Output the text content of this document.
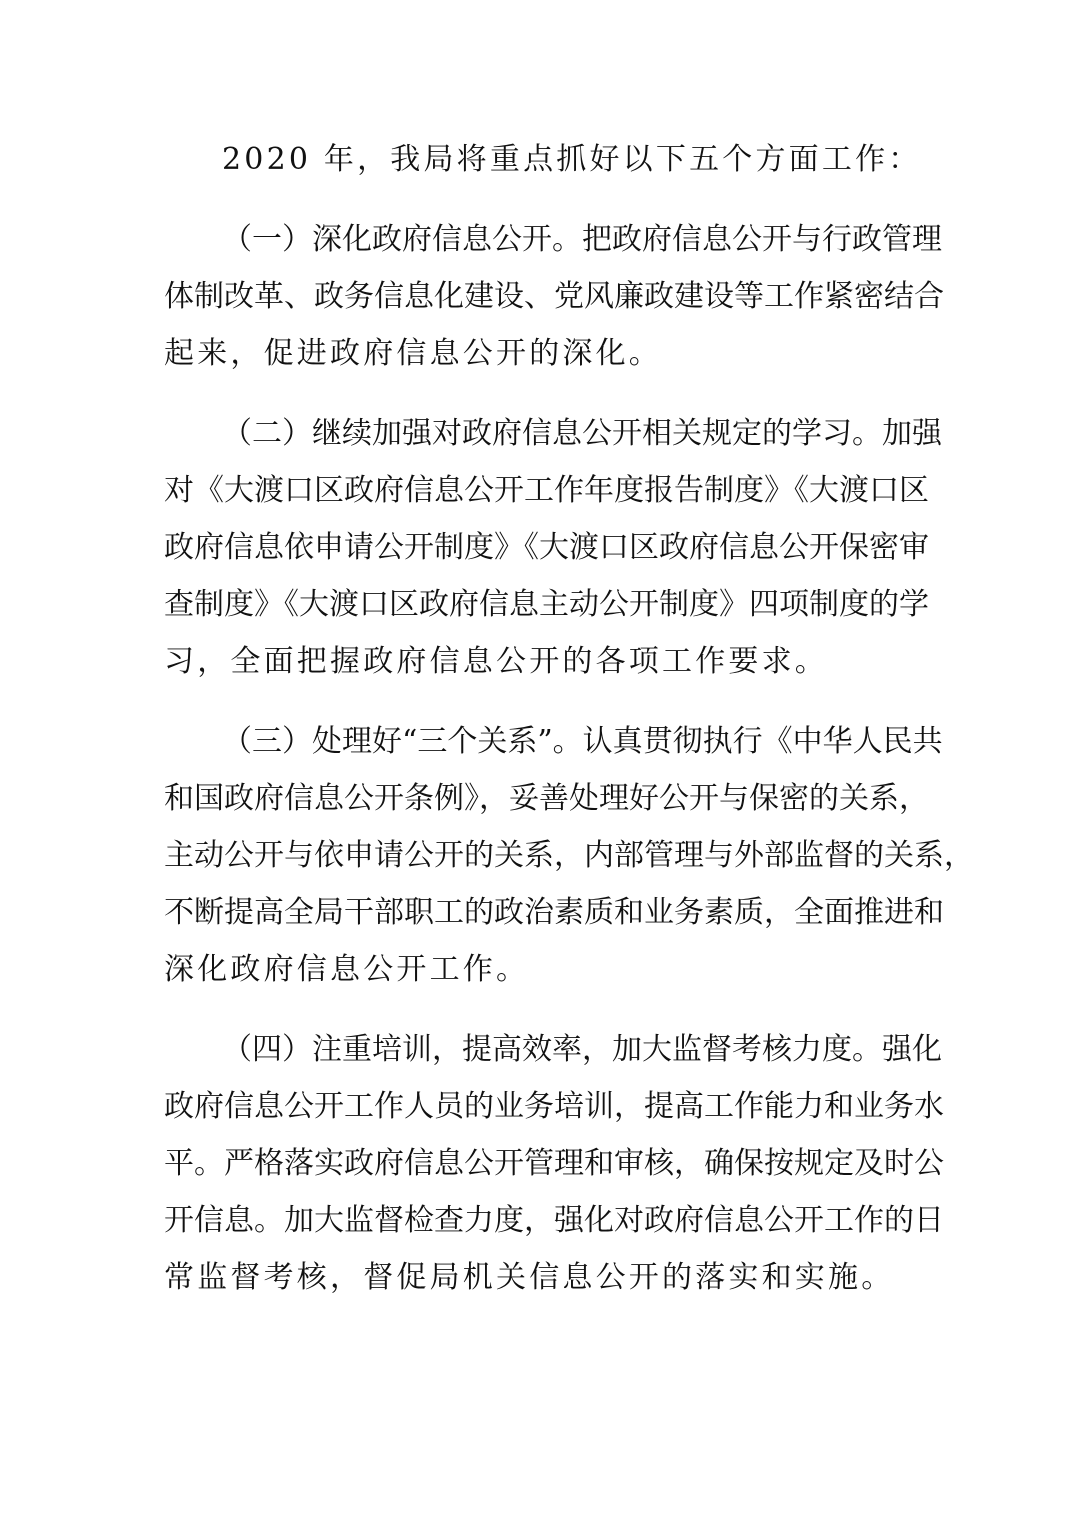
2020 年，我局将重点抓好以下五个方面工作：

（一）深化政府信息公开。把政府信息公开与行政管理

体制改革、政务信息化建设、党风廉政建设等工作紧密结合

起来，促进政府信息公开的深化。

（二）继续加强对政府信息公开相关规定的学习。加强

对《大渡口区政府信息公开工作年度报告制度》《大渡口区

政府信息依申请公开制度》《大渡口区政府信息公开保密审

查制度》《大渡口区政府信息主动公开制度》四项制度的学

习，全面把握政府信息公开的各项工作要求。

（三）处理好“三个关系”。认真贯彻执行《中华人民共

和国政府信息公开条例》，妥善处理好公开与保密的关系，

主动公开与依申请公开的关系，内部管理与外部监督的关系，

不断提高全局干部职工的政治素质和业务素质，全面推进和

深化政府信息公开工作。

（四）注重培训，提高效率，加大监督考核力度。强化

政府信息公开工作人员的业务培训，提高工作能力和业务水

平。严格落实政府信息公开管理和审核，确保按规定及时公

开信息。加大监督检查力度，强化对政府信息公开工作的日

常监督考核，督促局机关信息公开的落实和实施。
